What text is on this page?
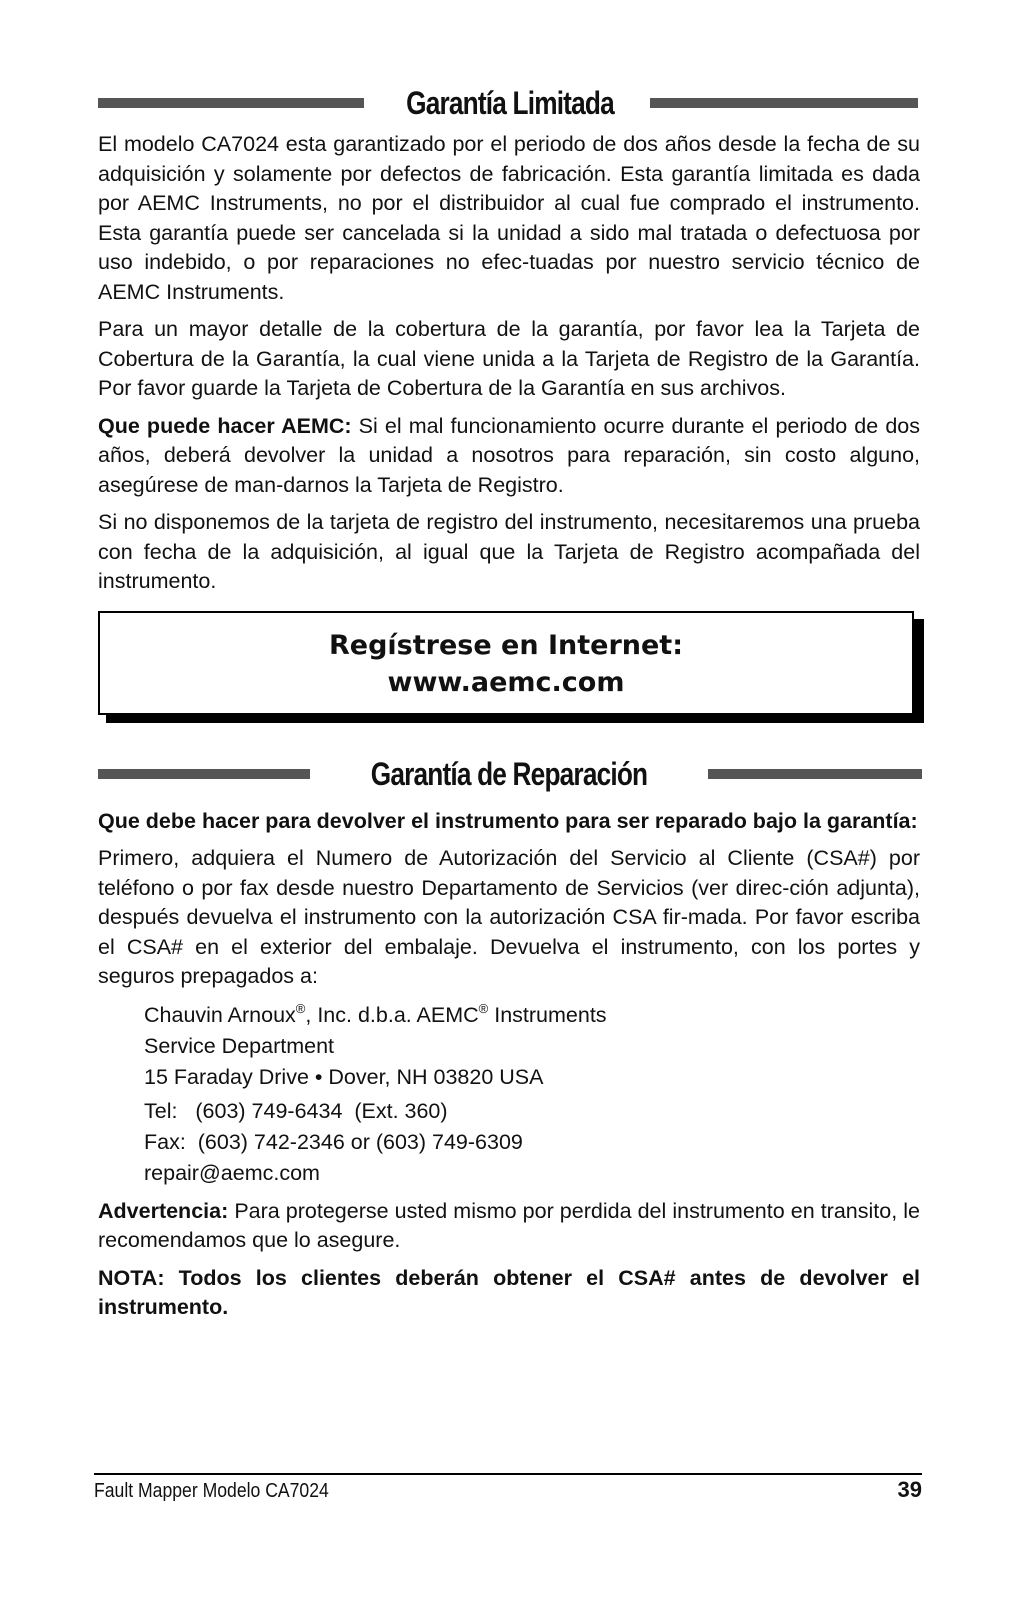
Garantía Limitada

El modelo CA7024 esta garantizado por el periodo de dos años desde la fecha de su adquisición y solamente por defectos de fabricación. Esta garantía limitada es dada por AEMC Instruments, no por el distribuidor al cual fue comprado el instrumento. Esta garantía puede ser cancelada si la unidad a sido mal tratada o defectuosa por uso indebido, o por reparaciones no efec-tuadas por nuestro servicio técnico de AEMC Instruments.

Para un mayor detalle de la cobertura de la garantía, por favor lea la Tarjeta de Cobertura de la Garantía, la cual viene unida a la Tarjeta de Registro de la Garantía. Por favor guarde la Tarjeta de Cobertura de la Garantía en sus archivos.

Que puede hacer AEMC: Si el mal funcionamiento ocurre durante el periodo de dos años, deberá devolver la unidad a nosotros para reparación, sin costo alguno, asegúrese de man-darnos la Tarjeta de Registro.

Si no disponemos de la tarjeta de registro del instrumento, necesitaremos una prueba con fecha de la adquisición, al igual que la Tarjeta de Registro acompañada del instrumento.

Regístrese en Internet:
www.aemc.com
Garantía de Reparación

Que debe hacer para devolver el instrumento para ser reparado bajo la garantía:

Primero, adquiera el Numero de Autorización del Servicio al Cliente (CSA#) por teléfono o por fax desde nuestro Departamento de Servicios (ver direc-ción adjunta), después devuelva el instrumento con la autorización CSA fir-mada. Por favor escriba el CSA# en el exterior del embalaje. Devuelva el instrumento, con los portes y seguros prepagados a:

Chauvin Arnoux®, Inc. d.b.a. AEMC® Instruments
Service Department
15 Faraday Drive • Dover, NH 03820 USA
Tel:   (603) 749-6434  (Ext. 360)
Fax:  (603) 742-2346 or (603) 749-6309
repair@aemc.com

Advertencia: Para protegerse usted mismo por perdida del instrumento en transito, le recomendamos que lo asegure.

NOTA: Todos los clientes deberán obtener el CSA# antes de devolver el instrumento.

Fault Mapper Modelo CA7024	39
